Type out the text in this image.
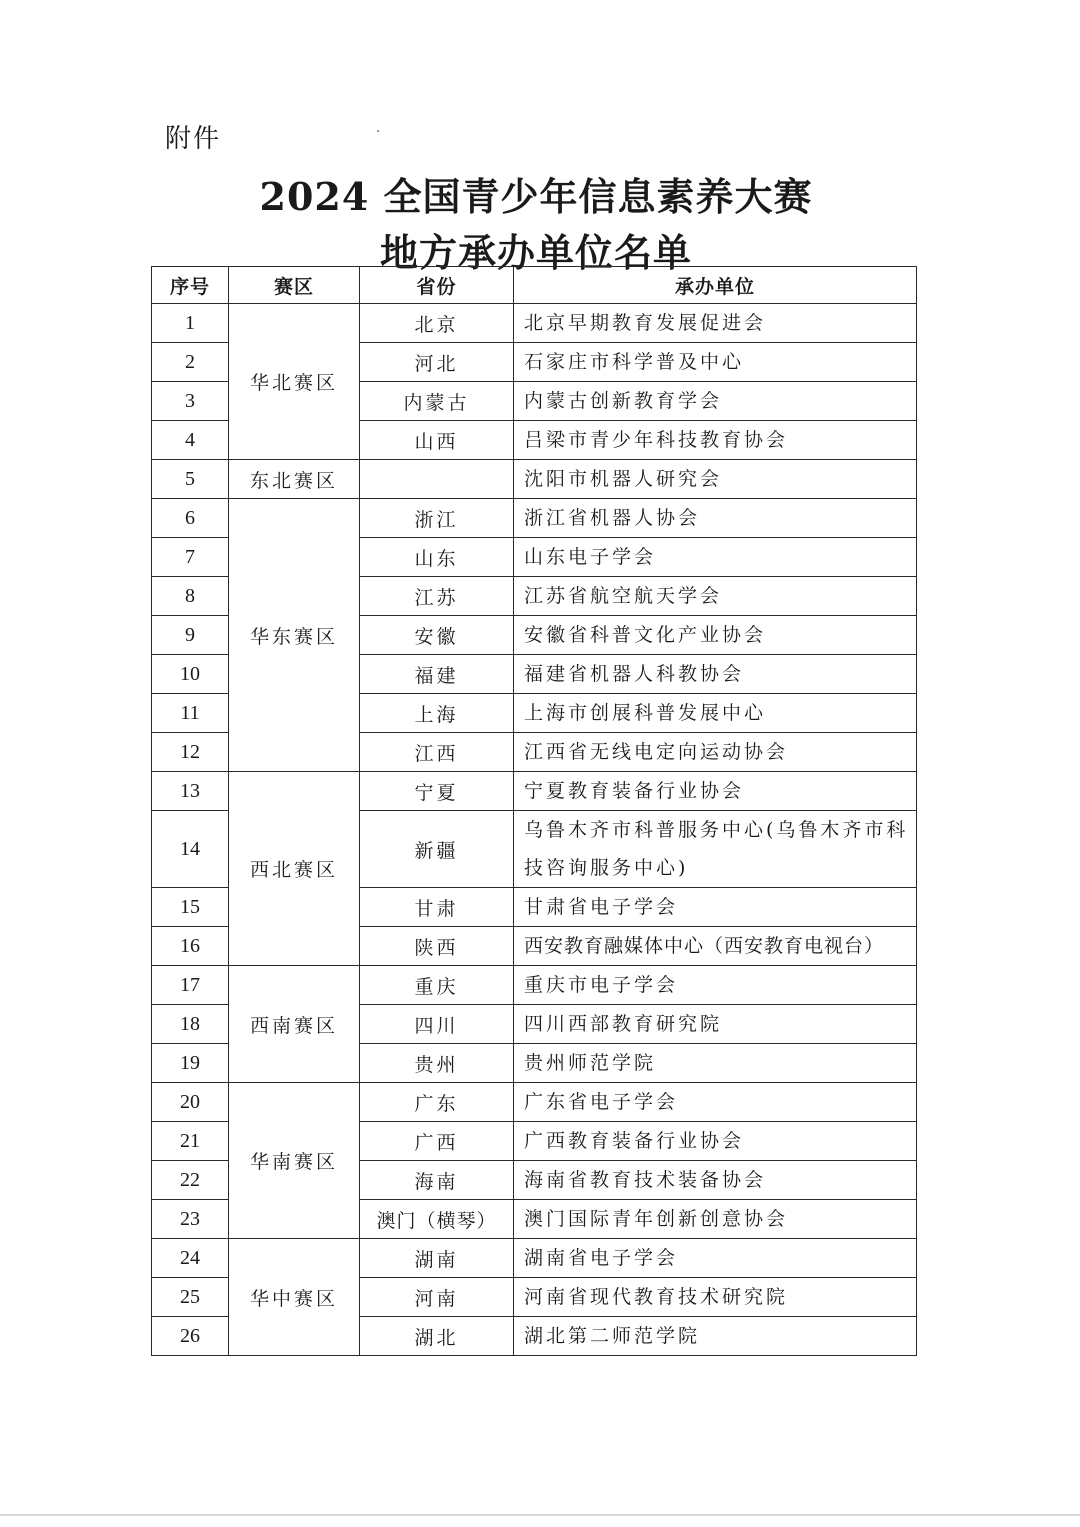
附件
2024 全国青少年信息素养大赛
地方承办单位名单
序号	赛区	省份	承办单位
1	华北赛区	北京	北京早期教育发展促进会
2		河北	石家庄市科学普及中心
3		内蒙古	内蒙古创新教育学会
4		山西	吕梁市青少年科技教育协会
5	东北赛区		沈阳市机器人研究会
6	华东赛区	浙江	浙江省机器人协会
7		山东	山东电子学会
8		江苏	江苏省航空航天学会
9		安徽	安徽省科普文化产业协会
10		福建	福建省机器人科教协会
11		上海	上海市创展科普发展中心
12		江西	江西省无线电定向运动协会
13	西北赛区	宁夏	宁夏教育装备行业协会
14		新疆	乌鲁木齐市科普服务中心(乌鲁木齐市科技咨询服务中心)
15		甘肃	甘肃省电子学会
16		陕西	西安教育融媒体中心（西安教育电视台）
17	西南赛区	重庆	重庆市电子学会
18		四川	四川西部教育研究院
19		贵州	贵州师范学院
20	华南赛区	广东	广东省电子学会
21		广西	广西教育装备行业协会
22		海南	海南省教育技术装备协会
23		澳门（横琴）	澳门国际青年创新创意协会
24	华中赛区	湖南	湖南省电子学会
25		河南	河南省现代教育技术研究院
26		湖北	湖北第二师范学院
